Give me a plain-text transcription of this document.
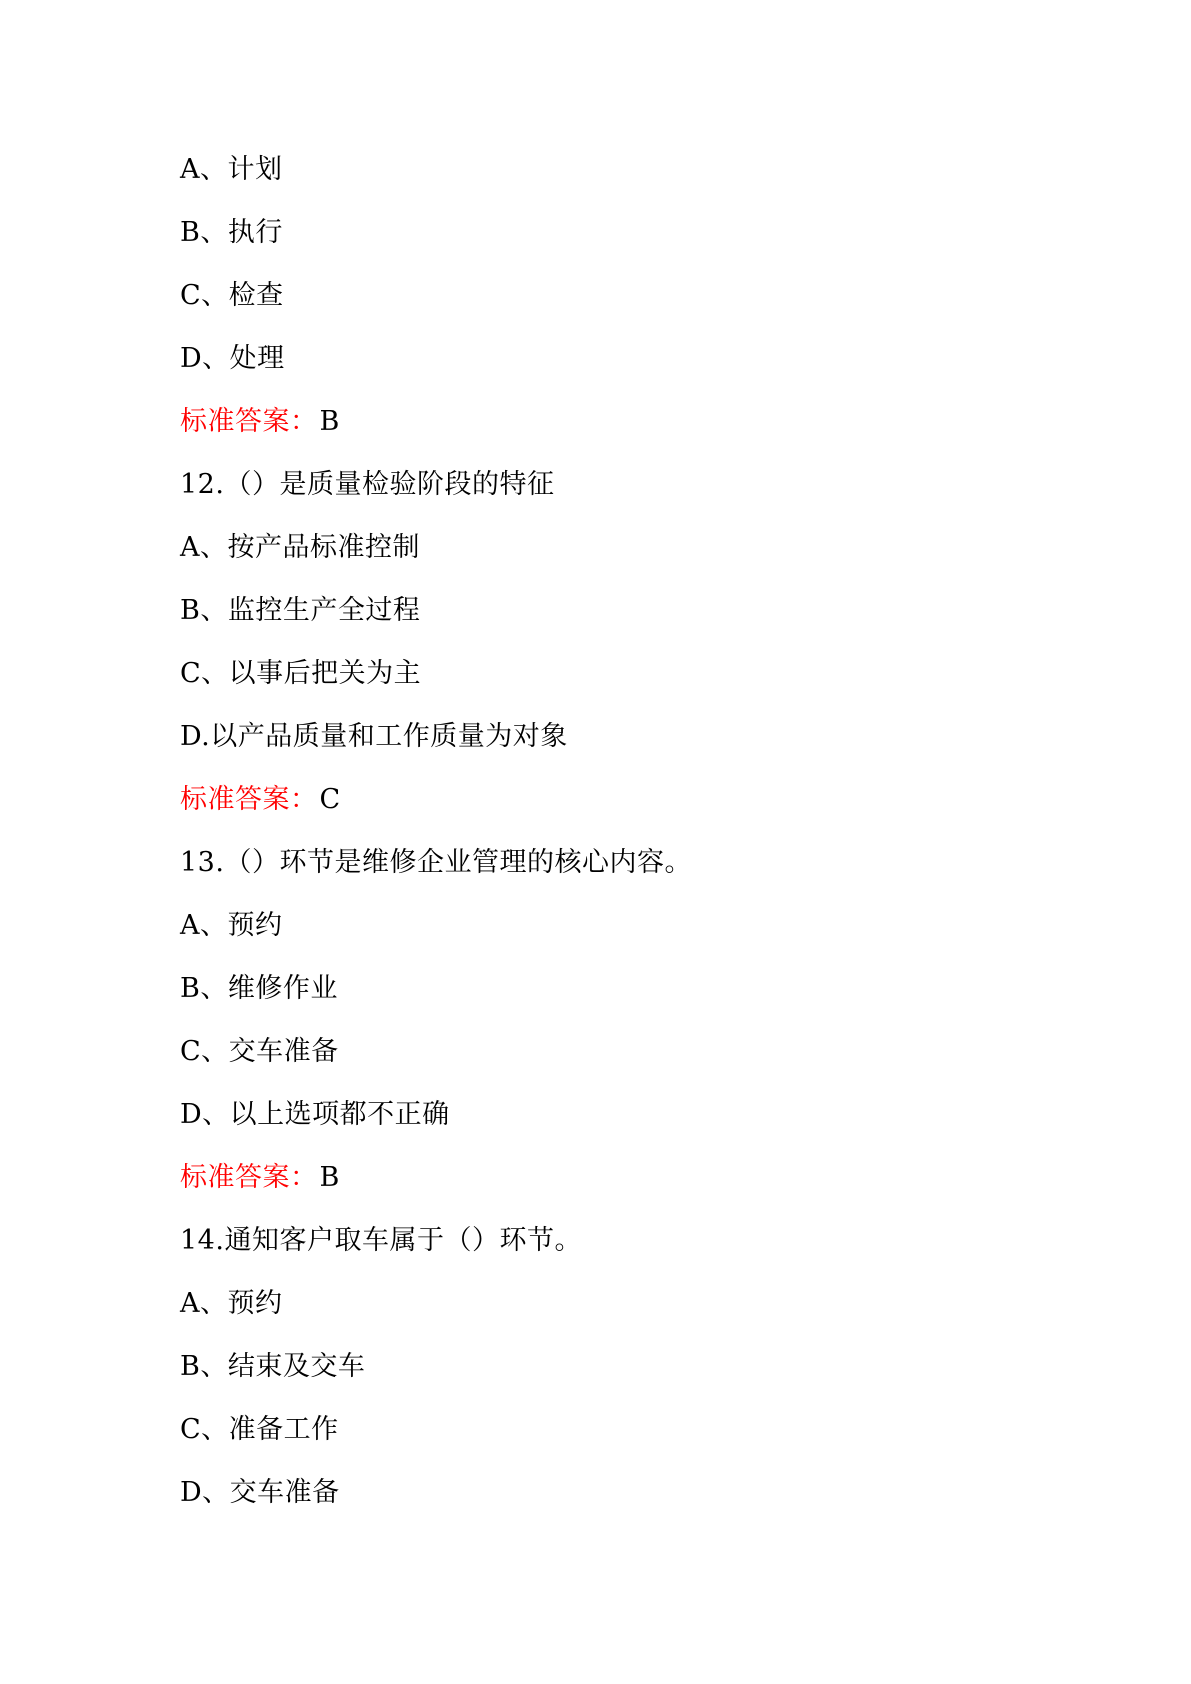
A、计划
B、执行
C、检查
D、处理
标准答案：B
12.（）是质量检验阶段的特征
A、按产品标准控制
B、监控生产全过程
C、以事后把关为主
D.以产品质量和工作质量为对象
标准答案：C
13.（）环节是维修企业管理的核心内容。
A、预约
B、维修作业
C、交车准备
D、以上选项都不正确
标准答案：B
14.通知客户取车属于（）环节。
A、预约
B、结束及交车
C、准备工作
D、交车准备
